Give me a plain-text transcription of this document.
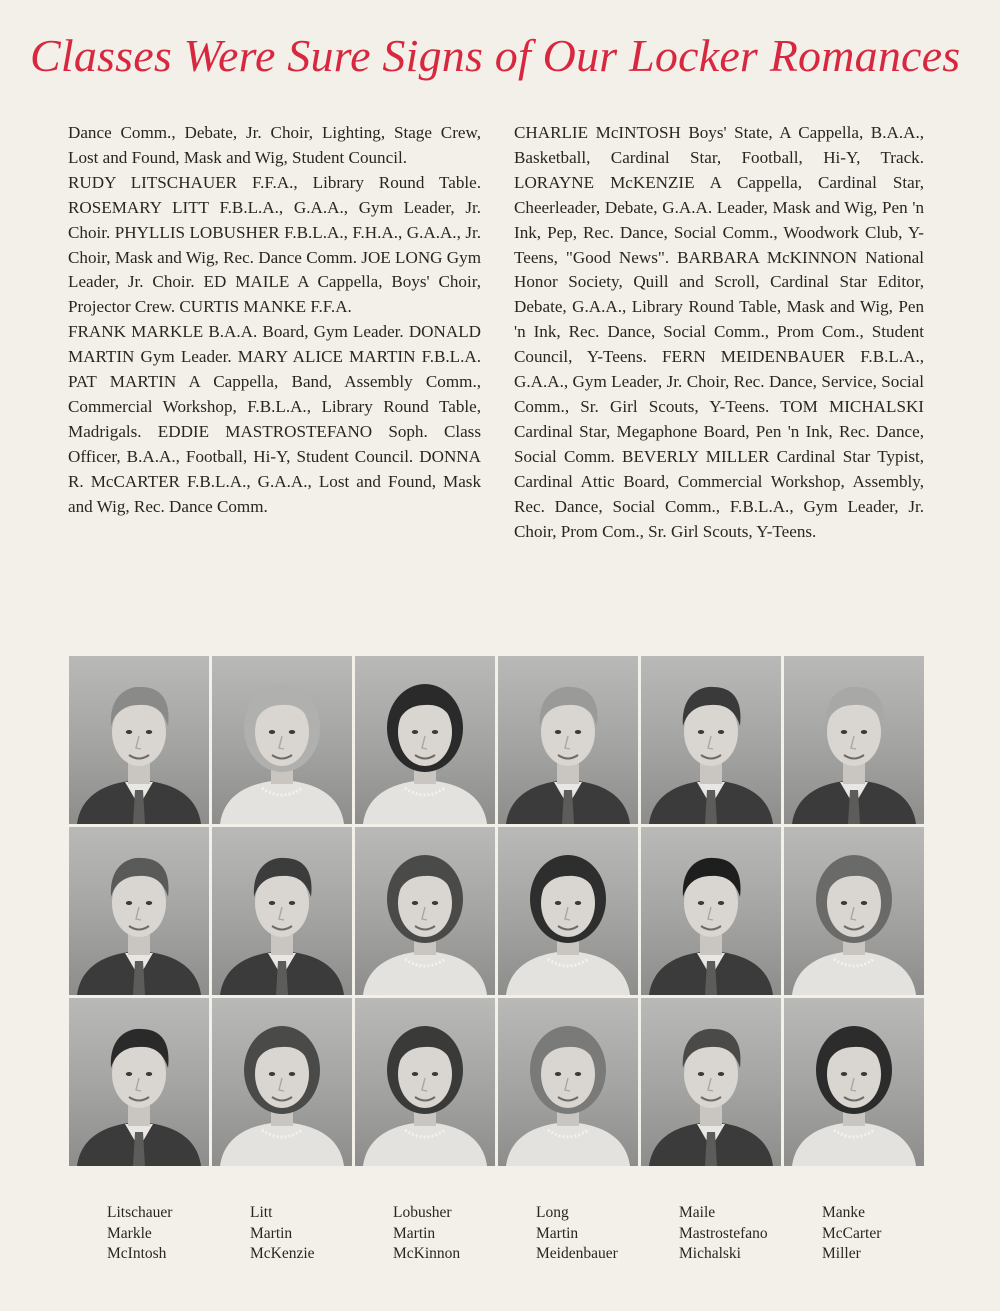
Classes Were Sure Signs of Our Locker Romances

Dance Comm., Debate, Jr. Choir, Lighting, Stage Crew, Lost and Found, Mask and Wig, Student Council.

RUDY LITSCHAUER F.F.A., Library Round Table. ROSEMARY LITT F.B.L.A., G.A.A., Gym Leader, Jr. Choir. PHYLLIS LOBUSHER F.B.L.A., F.H.A., G.A.A., Jr. Choir, Mask and Wig, Rec. Dance Comm. JOE LONG Gym Leader, Jr. Choir. ED MAILE A Cappella, Boys' Choir, Projector Crew. CURTIS MANKE F.F.A.

FRANK MARKLE B.A.A. Board, Gym Leader. DONALD MARTIN Gym Leader. MARY ALICE MARTIN F.B.L.A. PAT MARTIN A Cappella, Band, Assembly Comm., Commercial Workshop, F.B.L.A., Library Round Table, Madrigals. EDDIE MASTROSTEFANO Soph. Class Officer, B.A.A., Football, Hi-Y, Student Council. DONNA R. McCARTER F.B.L.A., G.A.A., Lost and Found, Mask and Wig, Rec. Dance Comm.

CHARLIE McINTOSH Boys' State, A Cappella, B.A.A., Basketball, Cardinal Star, Football, Hi-Y, Track. LORAYNE McKENZIE A Cappella, Cardinal Star, Cheerleader, Debate, G.A.A. Leader, Mask and Wig, Pen 'n Ink, Pep, Rec. Dance, Social Comm., Woodwork Club, Y-Teens, "Good News". BARBARA McKINNON National Honor Society, Quill and Scroll, Cardinal Star Editor, Debate, G.A.A., Library Round Table, Mask and Wig, Pen 'n Ink, Rec. Dance, Social Comm., Prom Com., Student Council, Y-Teens. FERN MEIDENBAUER F.B.L.A., G.A.A., Gym Leader, Jr. Choir, Rec. Dance, Service, Social Comm., Sr. Girl Scouts, Y-Teens. TOM MICHALSKI Cardinal Star, Megaphone Board, Pen 'n Ink, Rec. Dance, Social Comm. BEVERLY MILLER Cardinal Star Typist, Cardinal Attic Board, Commercial Workshop, Assembly, Rec. Dance, Social Comm., F.B.L.A., Gym Leader, Jr. Choir, Prom Com., Sr. Girl Scouts, Y-Teens.

Litschauer
Markle
McIntosh
Litt
Martin
McKenzie
Lobusher
Martin
McKinnon
Long
Martin
Meidenbauer
Maile
Mastrostefano
Michalski
Manke
McCarter
Miller
